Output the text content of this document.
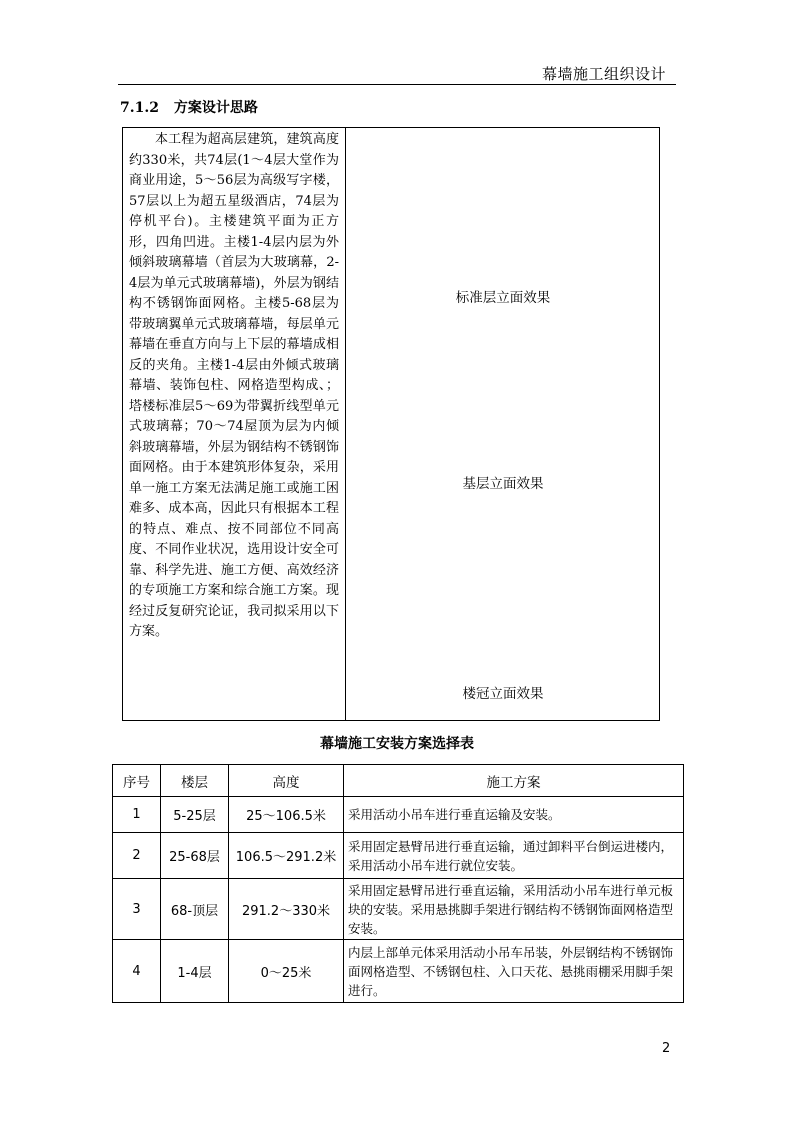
幕墙施工组织设计
7.1.2 方案设计思路
本工程为超高层建筑，建筑高度约330米，共74层(1～4层大堂作为商业用途，5～56层为高级写字楼，57层以上为超五星级酒店，74层为停机平台)。主楼建筑平面为正方形，四角凹进。主楼1-4层内层为外倾斜玻璃幕墙（首层为大玻璃幕，2-4层为单元式玻璃幕墙)，外层为钢结构不锈钢饰面网格。主楼5-68层为带玻璃翼单元式玻璃幕墙，每层单元幕墙在垂直方向与上下层的幕墙成相反的夹角。主楼1-4层由外倾式玻璃幕墙、装饰包柱、网格造型构成、；塔楼标准层5～69为带翼折线型单元式玻璃幕；70～74屋顶为层为内倾斜玻璃幕墙，外层为钢结构不锈钢饰面网格。由于本建筑形体复杂，采用单一施工方案无法满足施工或施工困难多、成本高，因此只有根据本工程的特点、难点、按不同部位不同高度、不同作业状况，选用设计安全可靠、科学先进、施工方便、高效经济的专项施工方案和综合施工方案。现经过反复研究论证，我司拟采用以下方案。
标准层立面效果
基层立面效果
楼冠立面效果
幕墙施工安装方案选择表
序号	楼层	高度	施工方案
1	5-25层	25～106.5米	采用活动小吊车进行垂直运输及安装。
2	25-68层	106.5～291.2米	采用固定悬臂吊进行垂直运输，通过卸料平台倒运进楼内，采用活动小吊车进行就位安装。
3	68-顶层	291.2～330米	采用固定悬臂吊进行垂直运输，采用活动小吊车进行单元板块的安装。采用悬挑脚手架进行钢结构不锈钢饰面网格造型安装。
4	1-4层	0～25米	内层上部单元体采用活动小吊车吊装，外层钢结构不锈钢饰面网格造型、不锈钢包柱、入口天花、悬挑雨棚采用脚手架进行。
2
